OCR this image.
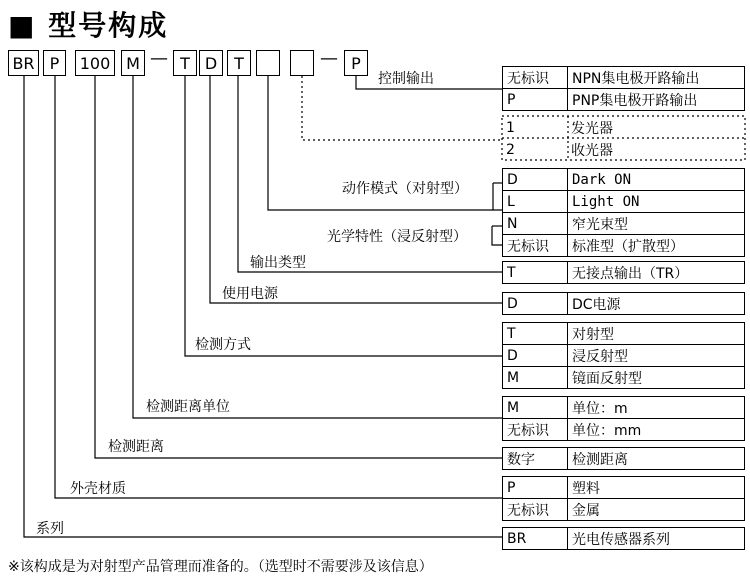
■ 型号构成
BR P	100 M — T D	T	— P
控制输出
动作模式（对射型）
光学特性（浸反射型）
输出类型
使用电源
检测方式
检测距离单位
检测距离
外壳材质
系列
无标识	NPN集电极开路输出
P	PNP集电极开路输出
1	发光器
2	收光器
D	Dark ON
L	Light ON
N	窄光束型
无标识	标准型（扩散型）
T	无接点输出（TR）
D	DC电源
T	对射型
D	浸反射型
M	镜面反射型
M	单位：m
无标识	单位：mm
数字	检测距离
P	塑料
无标识	金属
BR	光电传感器系列
※该构成是为对射型产品管理而准备的。（选型时不需要涉及该信息）
